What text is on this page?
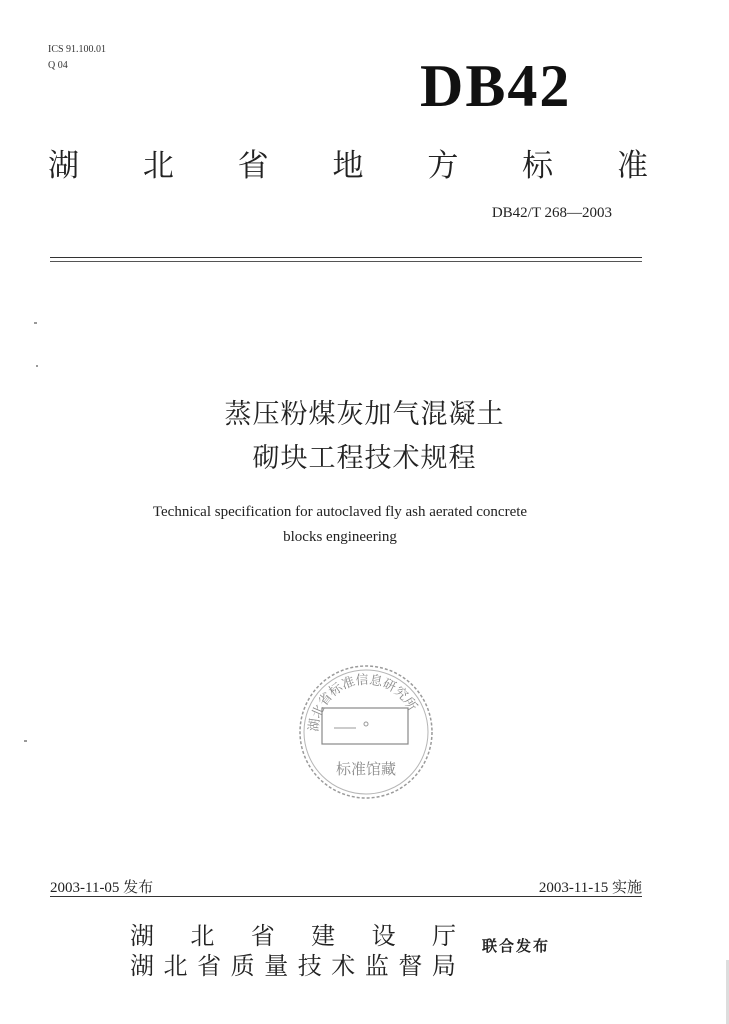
ICS 91.100.01
Q 04	DB42
湖 北 省 地 方 标 准
DB42/T 268—2003
蒸压粉煤灰加气混凝土
砌块工程技术规程
Technical specification for autoclaved fly ash aerated concrete
blocks engineering
湖北省标准信息研究所
标准馆藏
2003-11-05 发布	2003-11-15 实施
湖 北 省 建 设 厅
湖 北 省 质 量 技 术 监 督 局
联合发布
